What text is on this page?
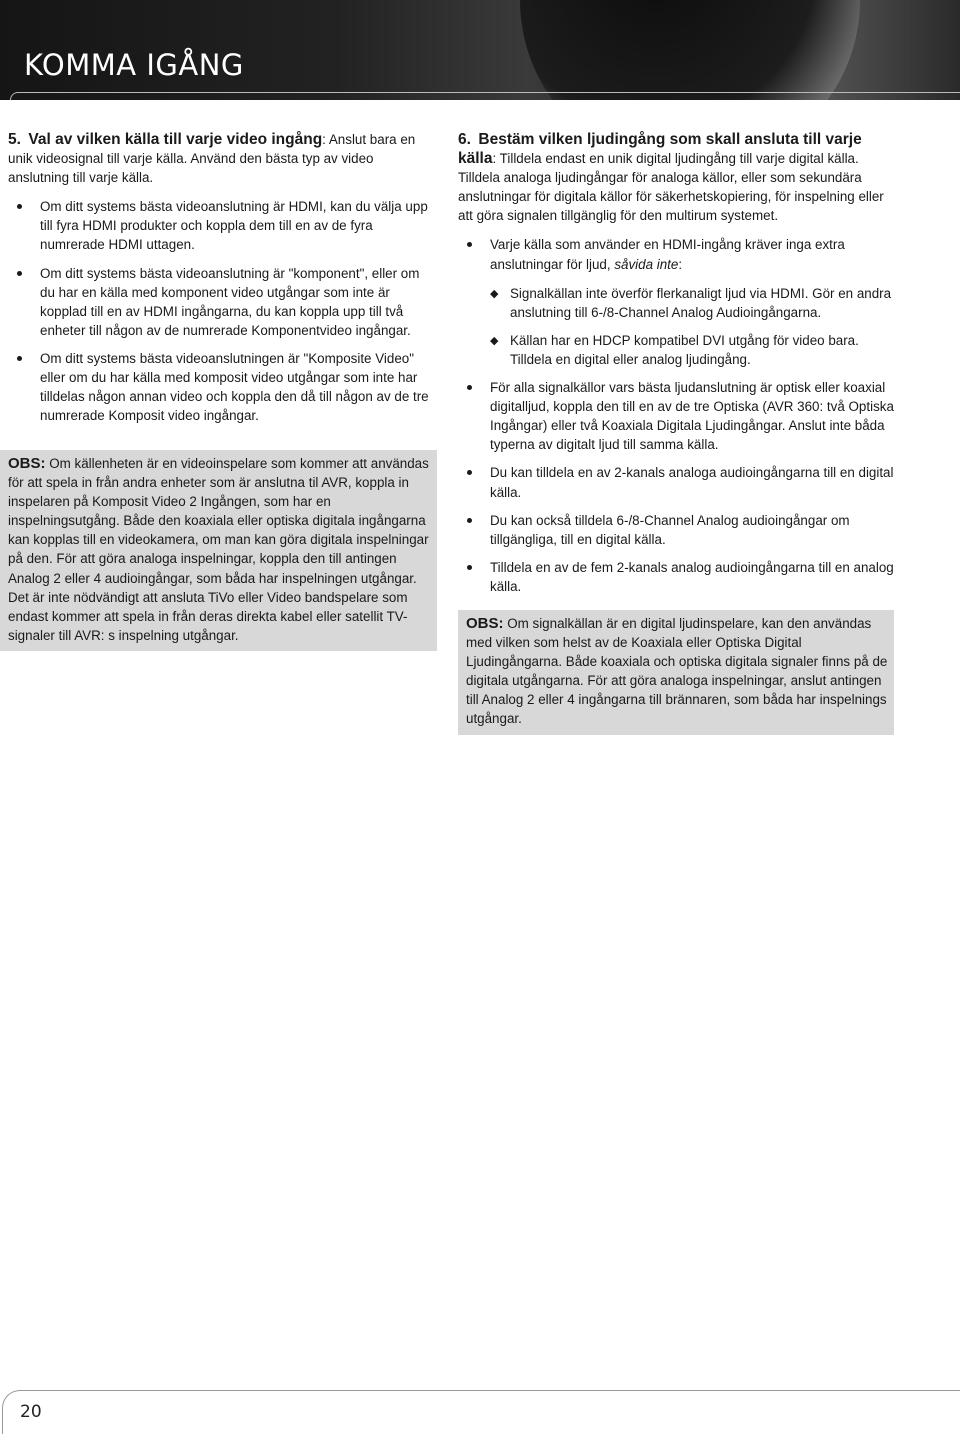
KOMMA IGÅNG

5. Val av vilken källa till varje video ingång: Anslut bara en unik videosignal till varje källa. Använd den bästa typ av video anslutning till varje källa.

Om ditt systems bästa videoanslutning är HDMI, kan du välja upp till fyra HDMI produkter och koppla dem till en av de fyra numrerade HDMI uttagen.
Om ditt systems bästa videoanslutning är "komponent", eller om du har en källa med komponent video utgångar som inte är kopplad till en av HDMI ingångarna, du kan koppla upp till två enheter till någon av de numrerade Komponentvideo ingångar.
Om ditt systems bästa videoanslutningen är "Komposite Video" eller om du har källa med komposit video utgångar som inte har tilldelas någon annan video och koppla den då till någon av de tre numrerade Komposit video ingångar.
OBS: Om källenheten är en videoinspelare som kommer att användas för att spela in från andra enheter som är anslutna til AVR, koppla in inspelaren på Komposit Video 2 Ingången, som har en inspelningsutgång. Både den koaxiala eller optiska digitala ingångarna kan kopplas till en videokamera, om man kan göra digitala inspelningar på den. För att göra analoga inspelningar, koppla den till antingen Analog 2 eller 4 audioingångar, som båda har inspelningen utgångar. Det är inte nödvändigt att ansluta TiVo eller Video bandspelare som endast kommer att spela in från deras direkta kabel eller satellit TV-signaler till AVR: s inspelning utgångar.

6. Bestäm vilken ljudingång som skall ansluta till varje källa: Tilldela endast en unik digital ljudingång till varje digital källa. Tilldela analoga ljudingångar för analoga källor, eller som sekundära anslutningar för digitala källor för säkerhetskopiering, för inspelning eller att göra signalen tillgänglig för den multirum systemet.

Varje källa som använder en HDMI-ingång kräver inga extra anslutningar för ljud, såvida inte:
◆ Signalkällan inte överför flerkanaligt ljud via HDMI. Gör en andra anslutning till 6-/8-Channel Analog Audioingångarna.
◆ Källan har en HDCP kompatibel DVI utgång för video bara. Tilldela en digital eller analog ljudingång.
För alla signalkällor vars bästa ljudanslutning är optisk eller koaxial digitalljud, koppla den till en av de tre Optiska (AVR 360: två Optiska Ingångar) eller två Koaxiala Digitala Ljudingångar. Anslut inte båda typerna av digitalt ljud till samma källa.
Du kan tilldela en av 2-kanals analoga audioingångarna till en digital källa.
Du kan också tilldela 6-/8-Channel Analog audioingångar om tillgängliga, till en digital källa.
Tilldela en av de fem 2-kanals analog audioingångarna till en analog källa.
OBS: Om signalkällan är en digital ljudinspelare, kan den användas med vilken som helst av de Koaxiala eller Optiska Digital Ljudingångarna. Både koaxiala och optiska digitala signaler finns på de digitala utgångarna. För att göra analoga inspelningar, anslut antingen till Analog 2 eller 4 ingångarna till brännaren, som båda har inspelnings utgångar.
20
